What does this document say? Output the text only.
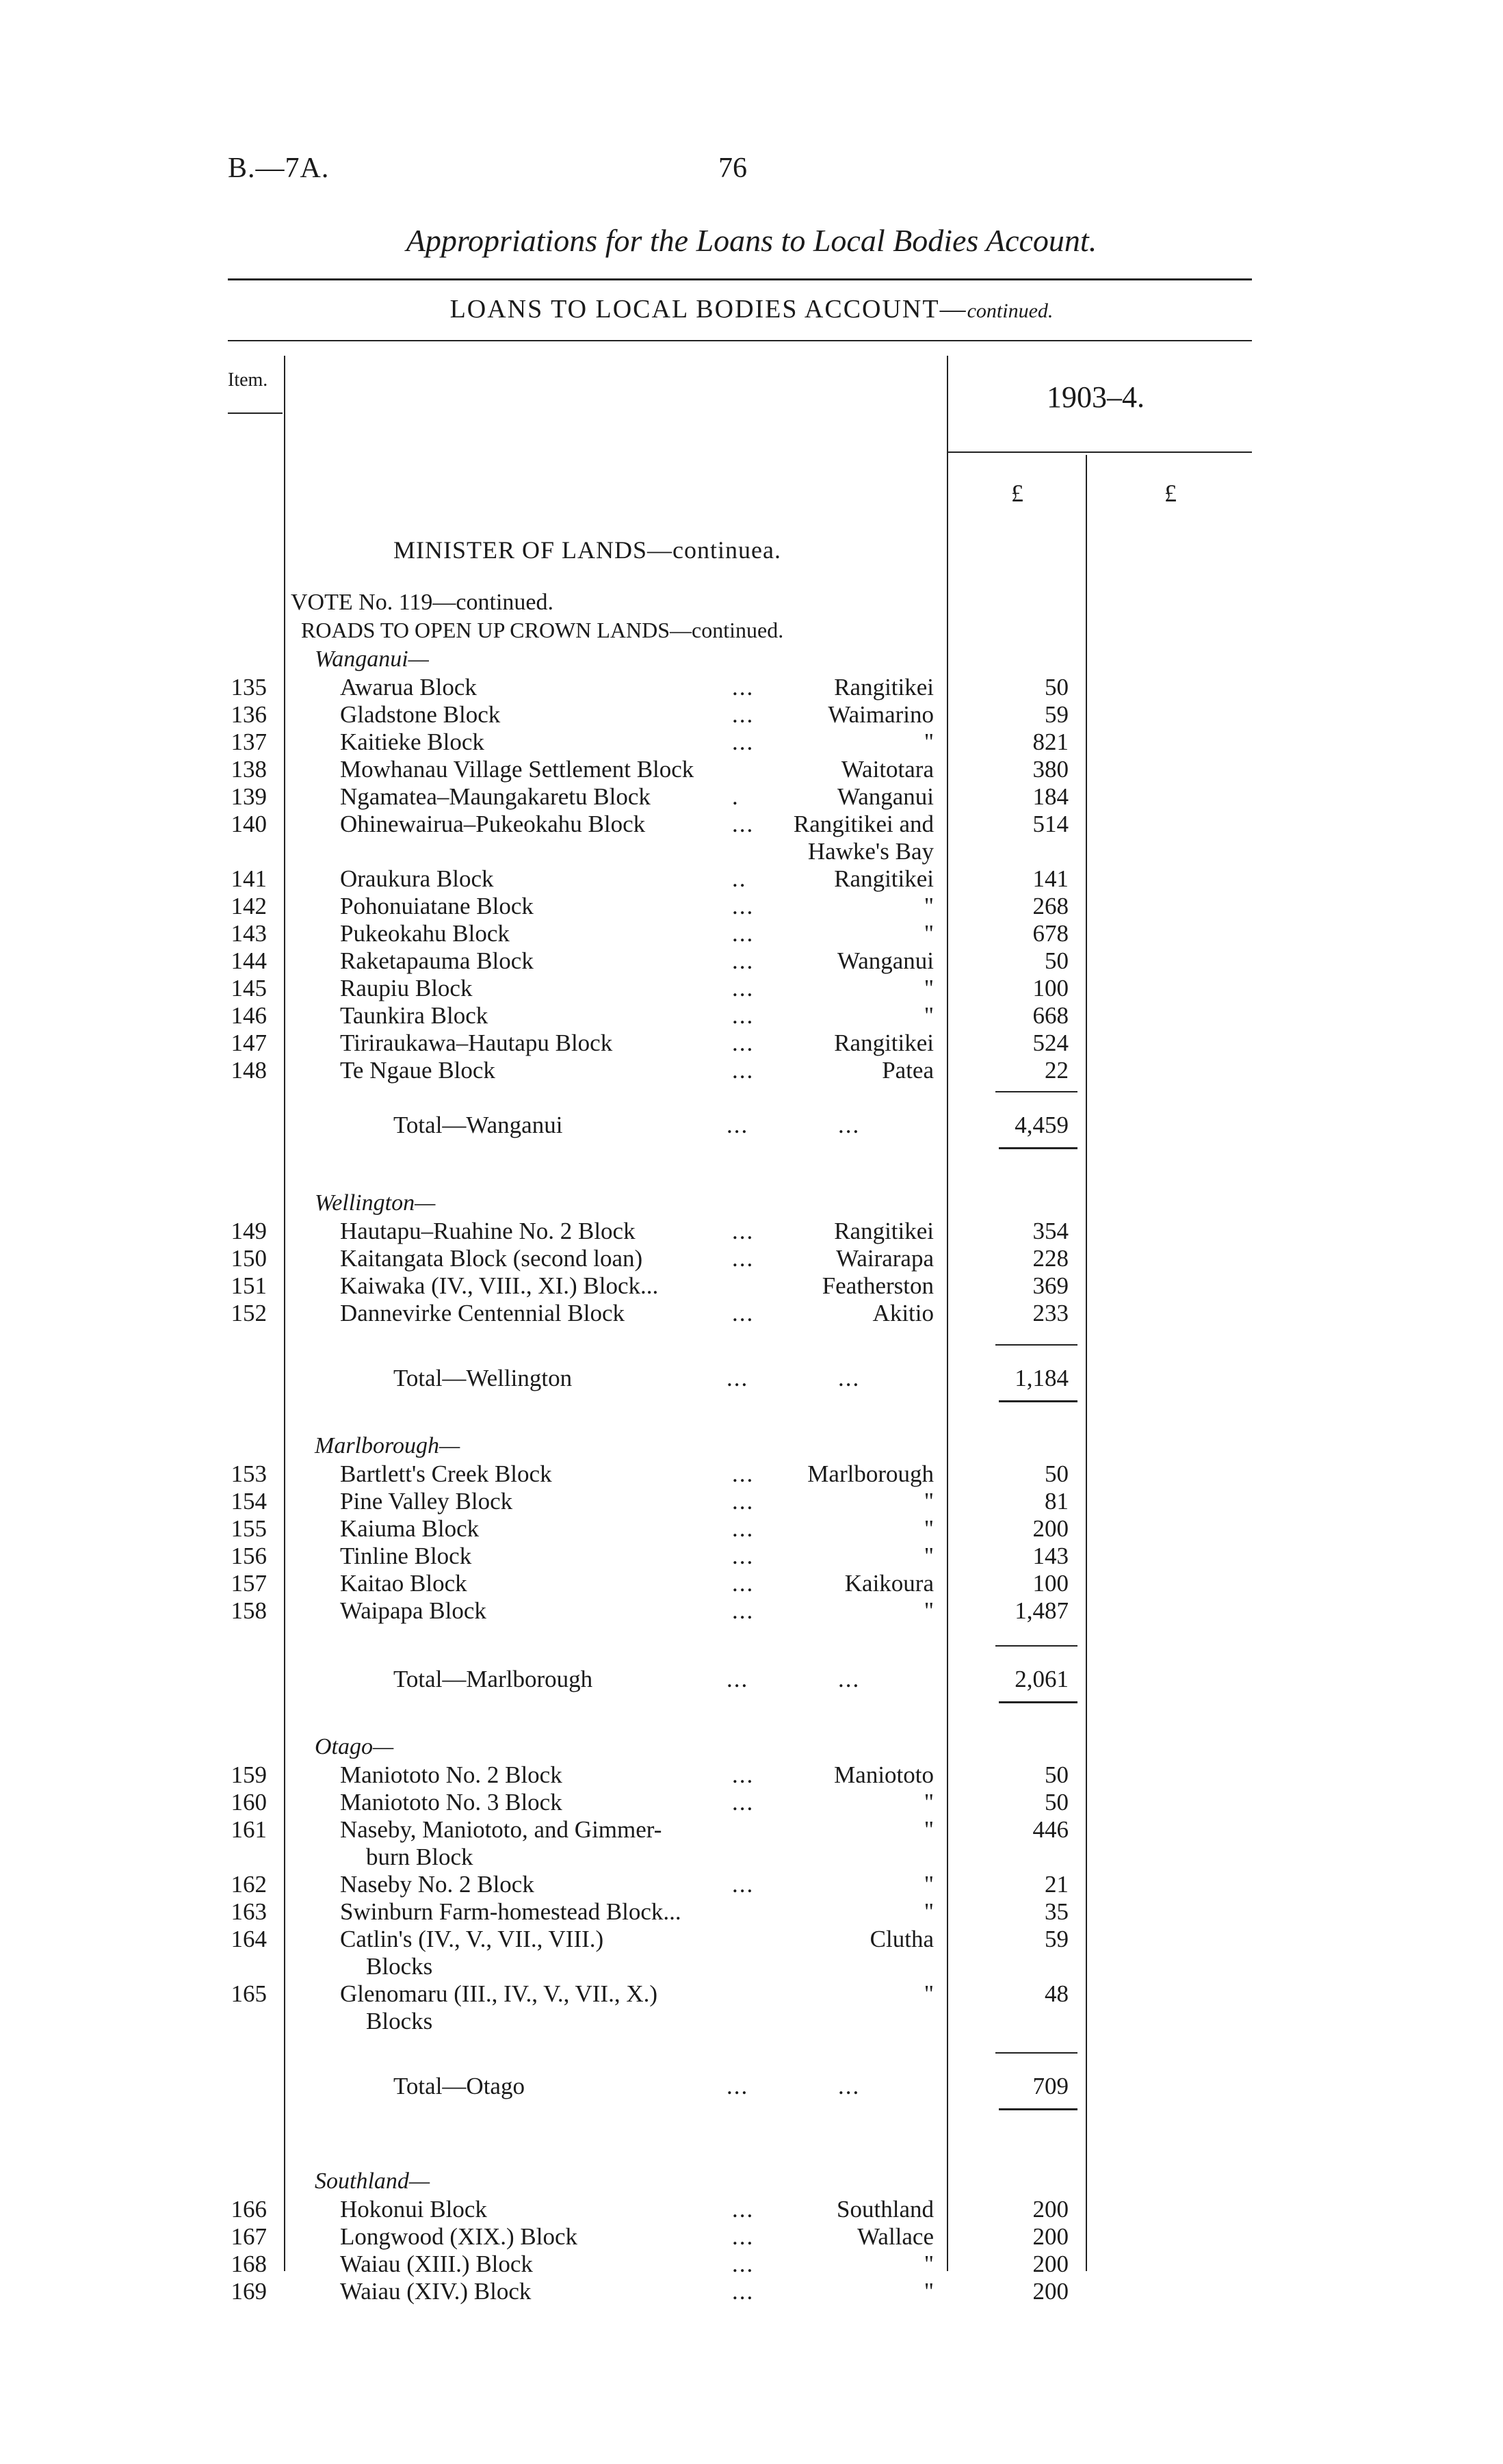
B.—7A.	76
Appropriations for the Loans to Local Bodies Account.
LOANS TO LOCAL BODIES ACCOUNT—continued.
Item.
1903–4.
£	£
MINISTER OF LANDS—continuea.
VOTE No. 119—continued.
ROADS TO OPEN UP CROWN LANDS—continued.
Wanganui—
135	Awarua Block	...	Rangitikei	50
136	Gladstone Block	...	Waimarino	59
137	Kaitieke Block	...	"	821
138	Mowhanau Village Settlement Block	Waitotara	380
139	Ngamatea–Maungakaretu Block	.	Wanganui	184
140	Ohinewairua–Pukeokahu Block	... Rangitikei and	514
Hawke's Bay
141	Oraukura Block	..	Rangitikei	141
142	Pohonuiatane Block	...	"	268
143	Pukeokahu Block	...	"	678
144	Raketapauma Block	...	Wanganui	50
145	Raupiu Block	...	"	100
146	Taunkira Block	...	"	668
147	Tiriraukawa–Hautapu Block	...	Rangitikei	524
148	Te Ngaue Block	...	Patea	22
Total—Wanganui	...	...	4,459
Wellington—
149	Hautapu–Ruahine No. 2 Block	...	Rangitikei	354
150	Kaitangata Block (second loan)	...	Wairarapa	228
151	Kaiwaka (IV., VIII., XI.) Block...	Featherston	369
152	Dannevirke Centennial Block	...	Akitio	233
Total—Wellington	...	...	1,184
Marlborough—
153	Bartlett's Creek Block	... Marlborough	50
154	Pine Valley Block	...	"	81
155	Kaiuma Block	...	"	200
156	Tinline Block	...	"	143
157	Kaitao Block	...	Kaikoura	100
158	Waipapa Block	...	"	1,487
Total—Marlborough	...	...	2,061
Otago—
159	Maniototo No. 2 Block	...	Maniototo	50
160	Maniototo No. 3 Block	...	"	50
161	Naseby, Maniototo, and Gimmer-	"	446
burn Block
162	Naseby No. 2 Block	...	"	21
163	Swinburn Farm-homestead Block...	"	35
164	Catlin's (IV., V., VII., VIII.)	Clutha	59
Blocks
165	Glenomaru (III., IV., V., VII., X.)	"	48
Blocks
Total—Otago	...	...	709
Southland—
166	Hokonui Block	...	Southland	200
167	Longwood (XIX.) Block	...	Wallace	200
168	Waiau (XIII.) Block	...	"	200
169	Waiau (XIV.) Block	...	"	200
